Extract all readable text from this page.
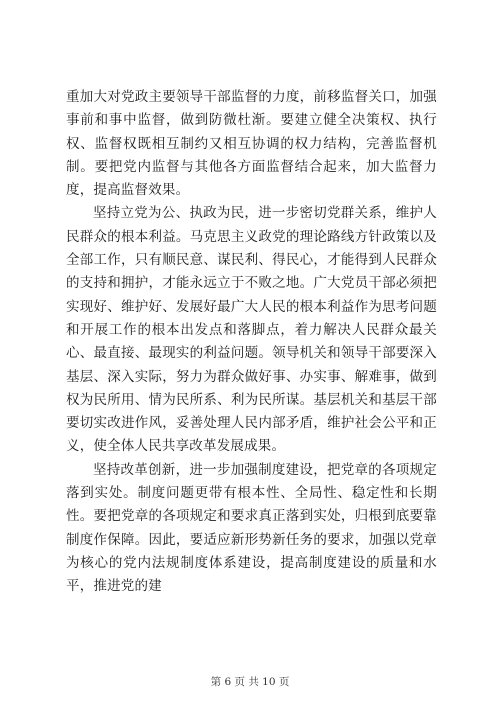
重加大对党政主要领导干部监督的力度，前移监督关口，加强事前和事中监督，做到防微杜渐。要建立健全决策权、执行权、监督权既相互制约又相互协调的权力结构，完善监督机制。要把党内监督与其他各方面监督结合起来，加大监督力度，提高监督效果。

坚持立党为公、执政为民，进一步密切党群关系，维护人民群众的根本利益。马克思主义政党的理论路线方针政策以及全部工作，只有顺民意、谋民利、得民心，才能得到人民群众的支持和拥护，才能永远立于不败之地。广大党员干部必须把实现好、维护好、发展好最广大人民的根本利益作为思考问题和开展工作的根本出发点和落脚点，着力解决人民群众最关心、最直接、最现实的利益问题。领导机关和领导干部要深入基层、深入实际，努力为群众做好事、办实事、解难事，做到权为民所用、情为民所系、利为民所谋。基层机关和基层干部要切实改进作风，妥善处理人民内部矛盾，维护社会公平和正义，使全体人民共享改革发展成果。

坚持改革创新，进一步加强制度建设，把党章的各项规定落到实处。制度问题更带有根本性、全局性、稳定性和长期性。要把党章的各项规定和要求真正落到实处，归根到底要靠制度作保障。因此，要适应新形势新任务的要求，加强以党章为核心的党内法规制度体系建设，提高制度建设的质量和水平，推进党的建

第 6 页 共 10 页
